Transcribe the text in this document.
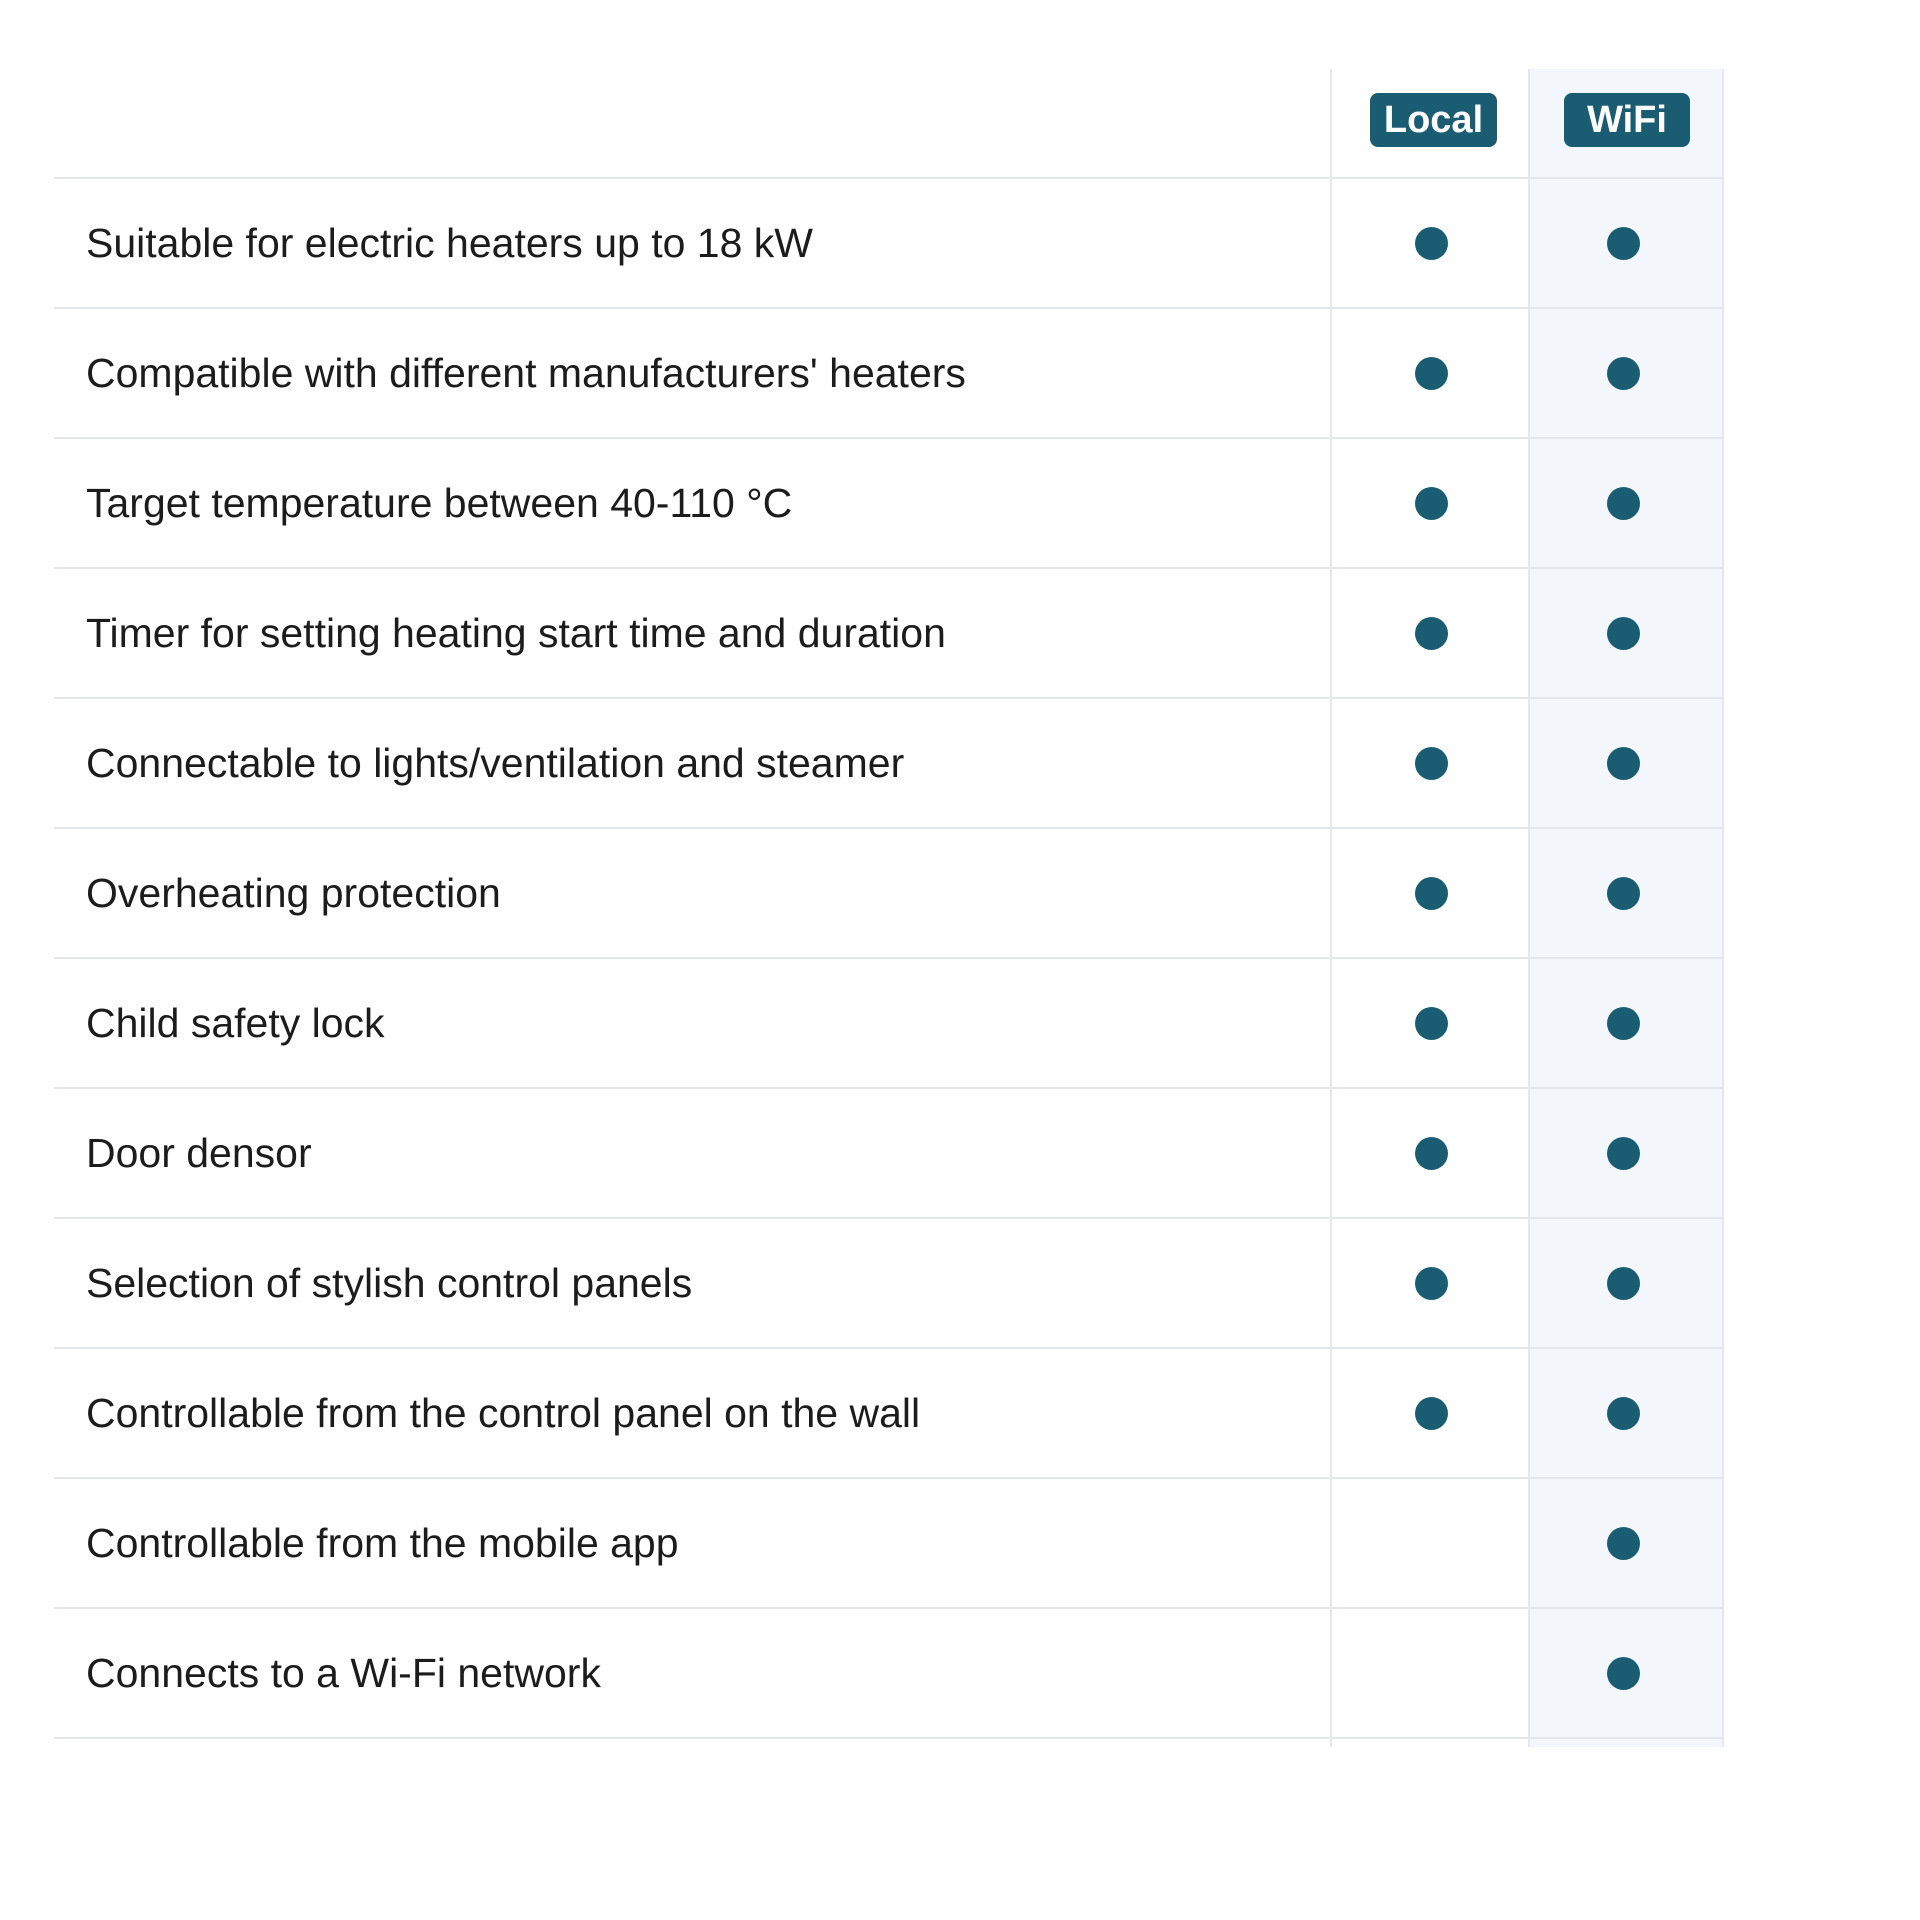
Local	WiFi
Suitable for electric heaters up to 18 kW
Compatible with different manufacturers' heaters
Target temperature between 40-110 °C
Timer for setting heating start time and duration
Connectable to lights/ventilation and steamer
Overheating protection
Child safety lock
Door densor
Selection of stylish control panels
Controllable from the control panel on the wall
Controllable from the mobile app
Connects to a Wi-Fi network
